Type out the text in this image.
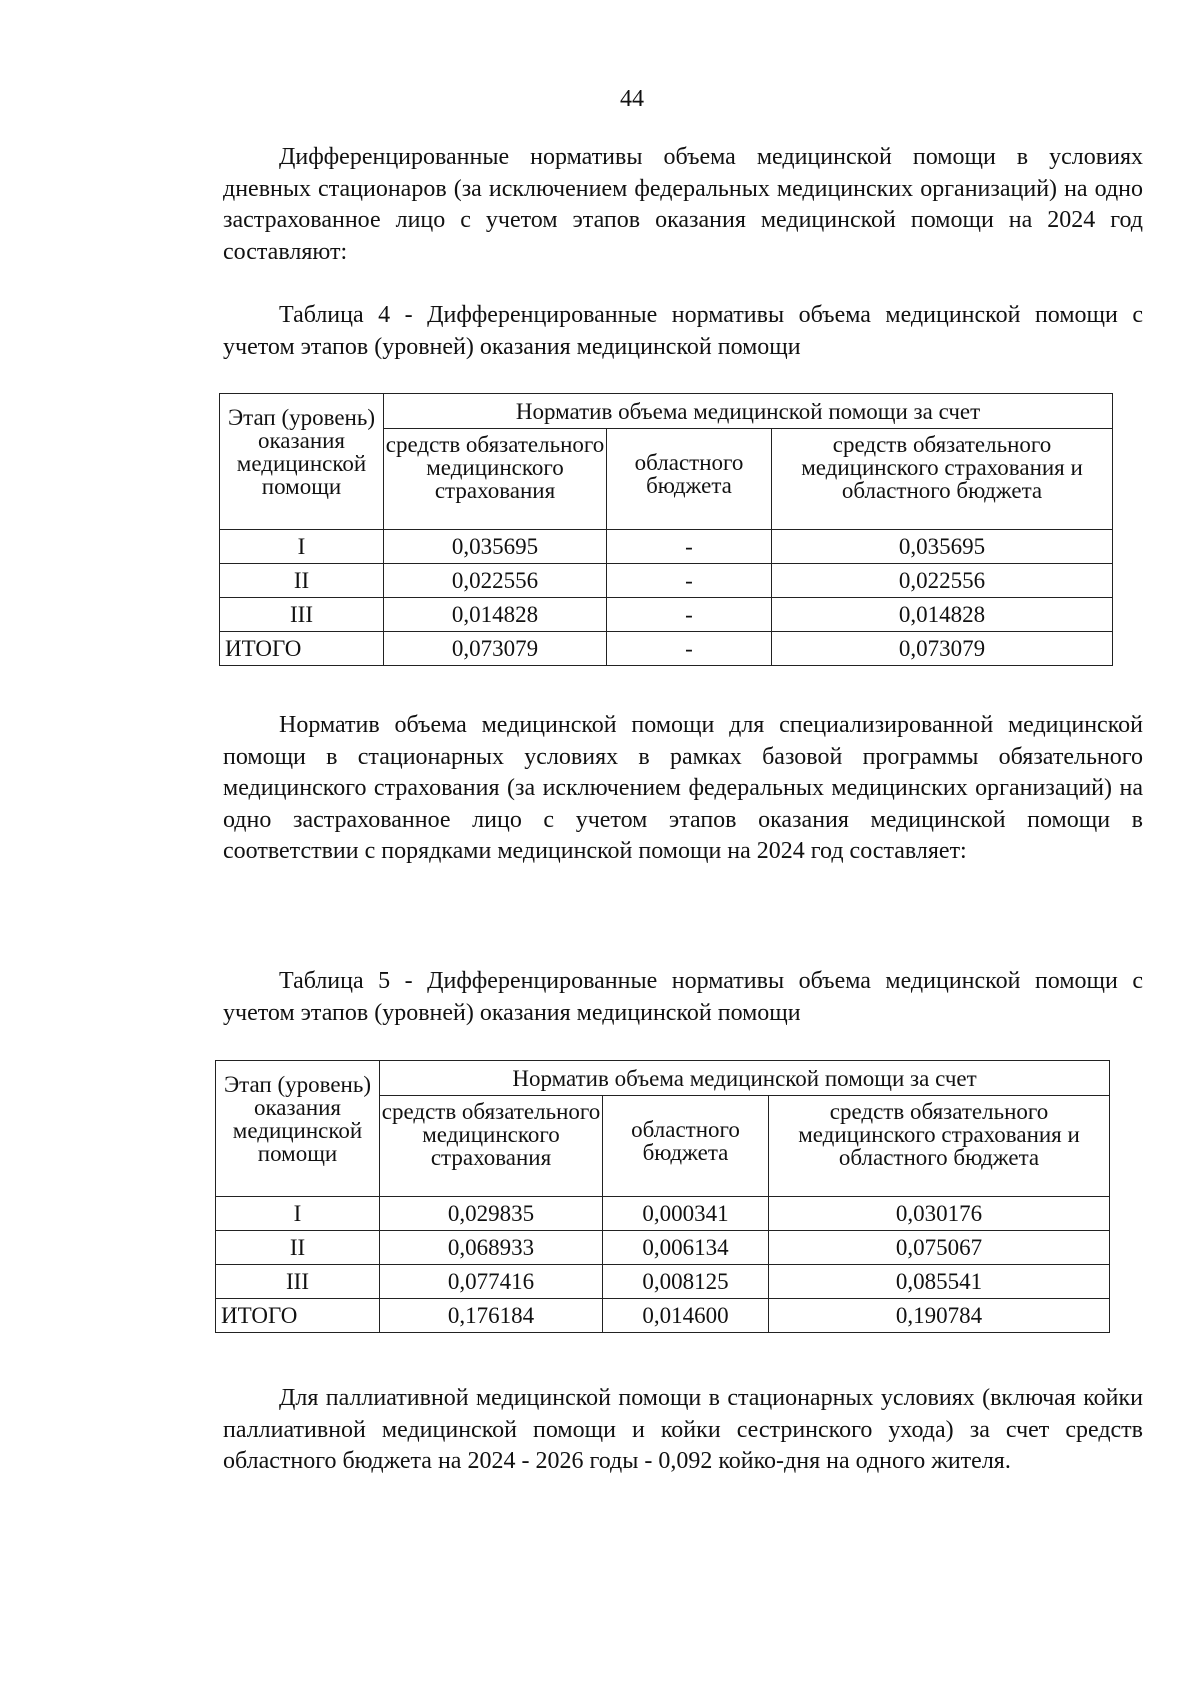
44

Дифференцированные нормативы объема медицинской помощи в условиях дневных стационаров (за исключением федеральных медицинских организаций) на одно застрахованное лицо с учетом этапов оказания медицинской помощи на 2024 год составляют:

Таблица 4 - Дифференцированные нормативы объема медицинской помощи с учетом этапов (уровней) оказания медицинской помощи

Этап (уровень) оказания медицинской помощи	Норматив объема медицинской помощи за счет		
	средств обязательного медицинского страхования	областного бюджета	средств обязательного медицинского страхования и областного бюджета
I	0,035695	-	0,035695
II	0,022556	-	0,022556
III	0,014828	-	0,014828
ИТОГО	0,073079	-	0,073079

Норматив объема медицинской помощи для специализированной медицинской помощи в стационарных условиях в рамках базовой программы обязательного медицинского страхования (за исключением федеральных медицинских организаций) на одно застрахованное лицо с учетом этапов оказания медицинской помощи в соответствии с порядками медицинской помощи на 2024 год составляет:

Таблица 5 - Дифференцированные нормативы объема медицинской помощи с учетом этапов (уровней) оказания медицинской помощи

Этап (уровень) оказания медицинской помощи	Норматив объема медицинской помощи за счет		
	средств обязательного медицинского страхования	областного бюджета	средств обязательного медицинского страхования и областного бюджета
I	0,029835	0,000341	0,030176
II	0,068933	0,006134	0,075067
III	0,077416	0,008125	0,085541
ИТОГО	0,176184	0,014600	0,190784

Для паллиативной медицинской помощи в стационарных условиях (включая койки паллиативной медицинской помощи и койки сестринского ухода) за счет средств областного бюджета на 2024 - 2026 годы - 0,092 койко-дня на одного жителя.
